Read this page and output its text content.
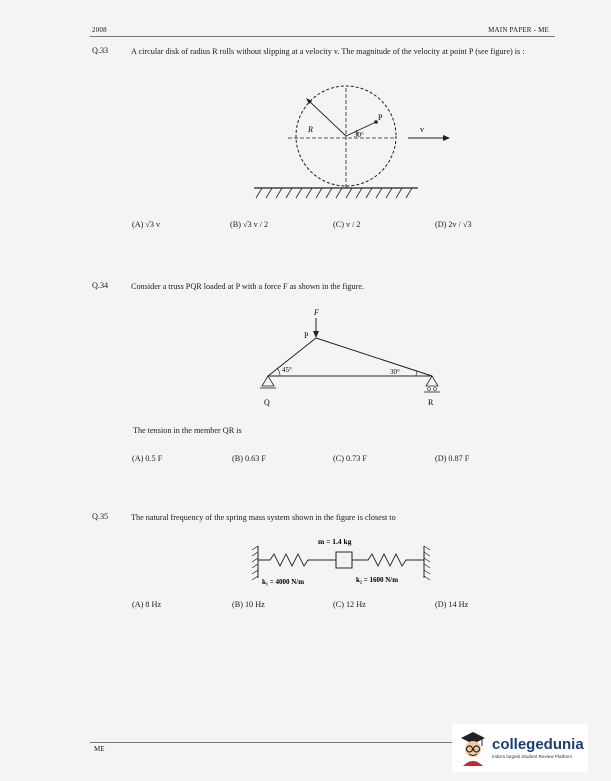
2008	MAIN PAPER - ME
Q.33	A circular disk of radius R rolls without slipping at a velocity v. The magnitude of the velocity at point P (see figure) is :
P
R
30°
v
(A) √3 v	(B) √3 v / 2	(C) v / 2	(D) 2v / √3
Q.34	Consider a truss PQR loaded at P with a force F as shown in the figure.
F
P
45°	30°
Q	R
The tension in the member QR is
(A) 0.5 F	(B) 0.63 F	(C) 0.73 F	(D) 0.87 F
Q.35	The natural frequency of the spring mass system shown in the figure is closest to
m = 1.4 kg
k₁ = 4000 N/m	k₂ = 1600 N/m
(A) 8 Hz	(B) 10 Hz	(C) 12 Hz	(D) 14 Hz
ME	collegedunia
India's largest Student Review Platform
